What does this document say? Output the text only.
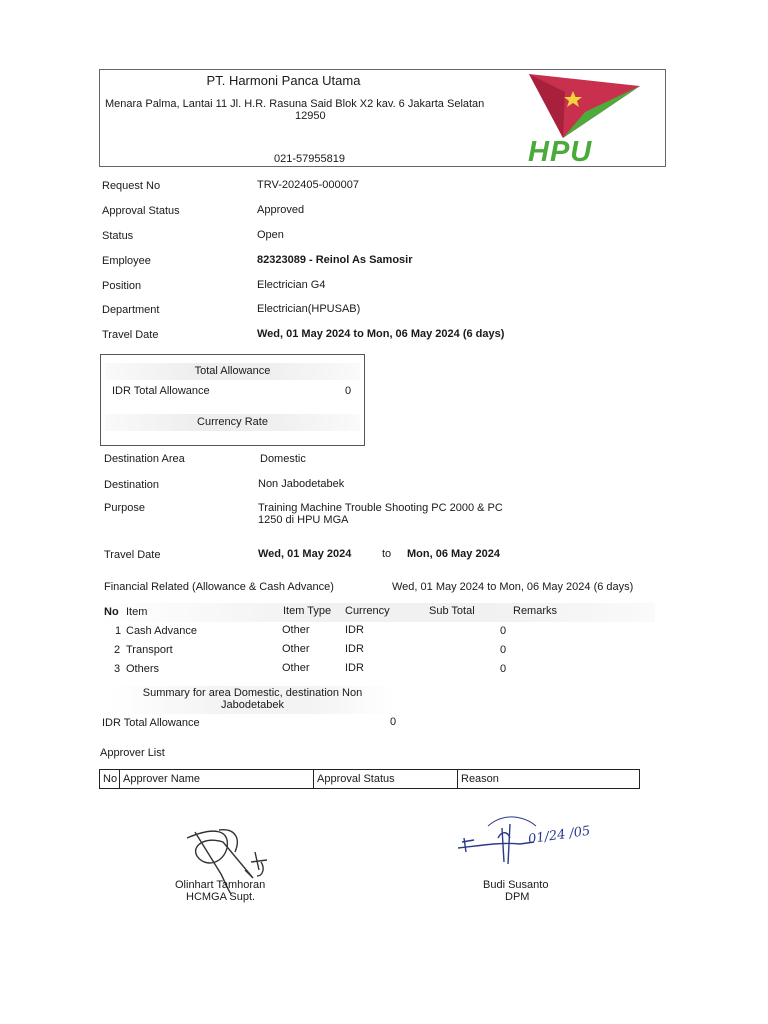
PT. Harmoni Panca Utama
Menara Palma, Lantai 11 Jl. H.R. Rasuna Said Blok X2 kav. 6 Jakarta Selatan
12950
021-57955819	HPU
Request No	TRV-202405-000007
Approval Status	Approved
Status	Open
Employee	82323089 - Reinol As Samosir
Position	Electrician G4
Department	Electrician(HPUSAB)
Travel Date	Wed, 01 May 2024 to Mon, 06 May 2024 (6 days)
Total Allowance
IDR Total Allowance	0
Currency Rate
Destination Area	Domestic
Destination	Non Jabodetabek
Purpose	Training Machine Trouble Shooting PC 2000 & PC
1250 di HPU MGA
Travel Date	Wed, 01 May 2024	to Mon, 06 May 2024
Financial Related (Allowance & Cash Advance)	Wed, 01 May 2024 to Mon, 06 May 2024 (6 days)
No Item	Item Type Currency	Sub Total	Remarks
1 Cash Advance	Other	IDR	0
2 Transport	Other	IDR	0
3 Others	Other	IDR	0
Summary for area Domestic, destination Non
Jabodetabek
IDR Total Allowance	0
Approver List
No Approver Name	Approval Status	Reason
Olinhart Tamhoran
HCMGA Supt.
01/24 /05
Budi Susanto
DPM
